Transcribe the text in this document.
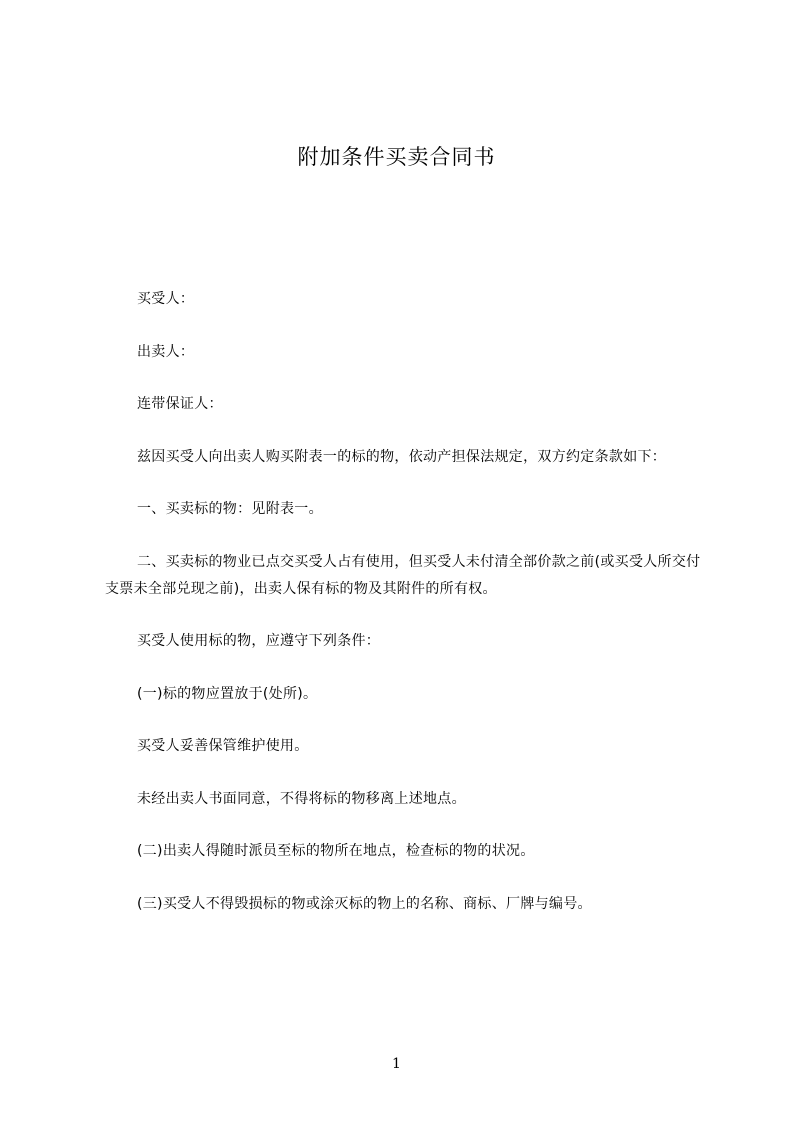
附加条件买卖合同书

买受人：

出卖人：

连带保证人：

兹因买受人向出卖人购买附表一的标的物，依动产担保法规定，双方约定条款如下：

一、买卖标的物：见附表一。

二、买卖标的物业已点交买受人占有使用，但买受人未付清全部价款之前(或买受人所交付支票未全部兑现之前)，出卖人保有标的物及其附件的所有权。

买受人使用标的物，应遵守下列条件：

(一)标的物应置放于(处所)。

买受人妥善保管维护使用。

未经出卖人书面同意，不得将标的物移离上述地点。

(二)出卖人得随时派员至标的物所在地点，检查标的物的状况。

(三)买受人不得毁损标的物或涂灭标的物上的名称、商标、厂牌与编号。

1
